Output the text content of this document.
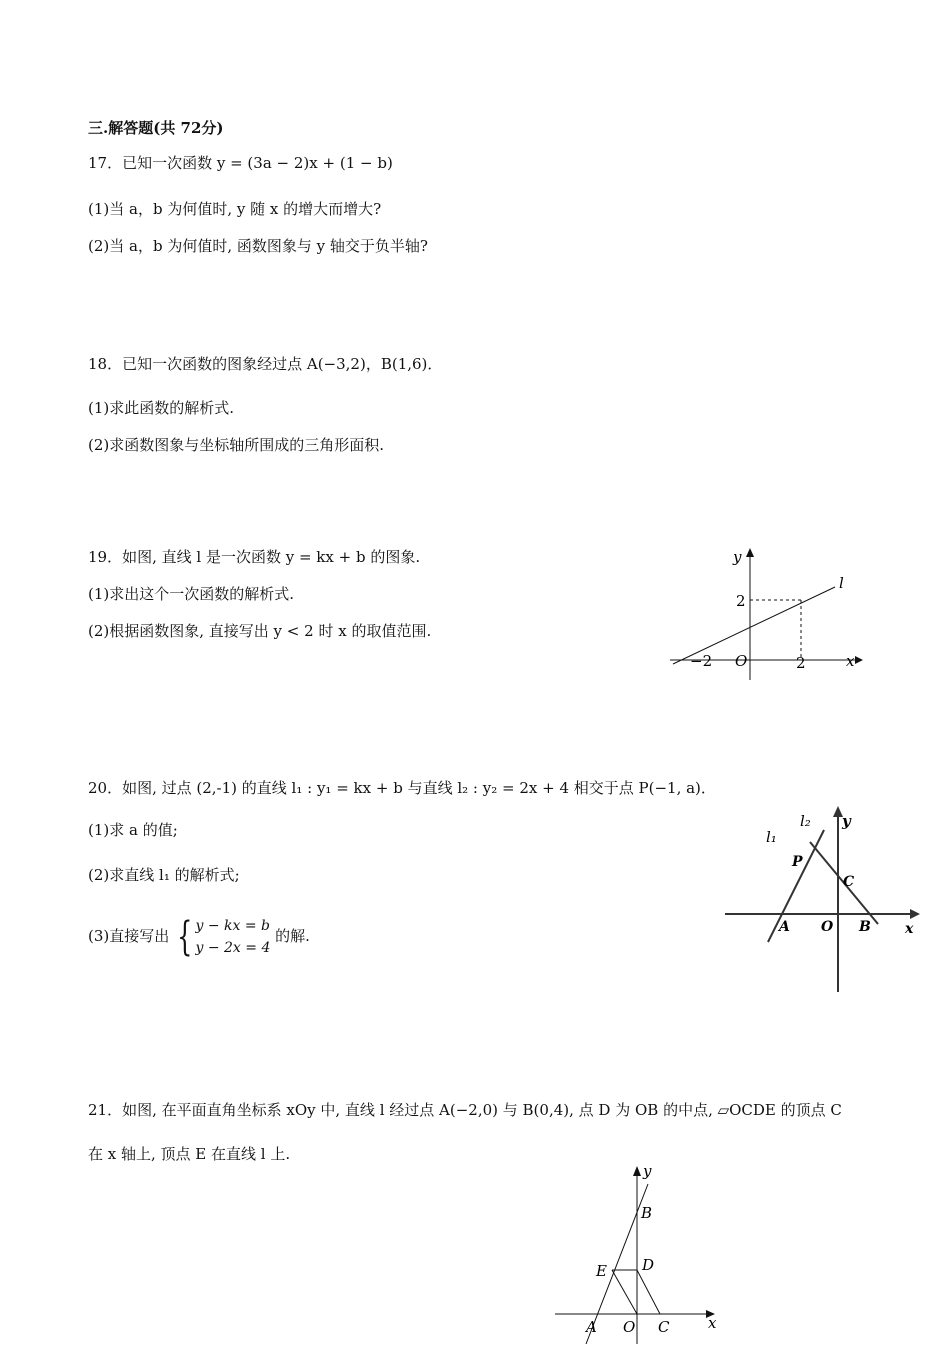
三.解答题(共 72分)
17．已知一次函数 y = (3a − 2)x + (1 − b)
(1)当 a，b 为何值时, y 随 x 的增大而增大?
(2)当 a，b 为何值时, 函数图象与 y 轴交于负半轴?
18．已知一次函数的图象经过点 A(−3,2)，B(1,6)．
(1)求此函数的解析式.
(2)求函数图象与坐标轴所围成的三角形面积.
19．如图, 直线 l 是一次函数 y = kx + b 的图象.
(1)求出这个一次函数的解析式.
(2)根据函数图象, 直接写出 y < 2 时 x 的取值范围.
y
l
2
−2 O	2	x
20．如图, 过点 (2,-1) 的直线 l₁ : y₁ = kx + b 与直线 l₂ : y₂ = 2x + 4 相交于点 P(−1, a)．
(1)求 a 的值;
(2)求直线 l₁ 的解析式;
(3)直接写出 { y − kx = b
y − 2x = 4
的解.
l₁
l₂ y
P
C
A O B x
21．如图, 在平面直角坐标系 xOy 中, 直线 l 经过点 A(−2,0) 与 B(0,4), 点 D 为 OB 的中点, ▱OCDE 的顶点 C
在 x 轴上, 顶点 E 在直线 l 上.
y
B
E D
A O C	x
